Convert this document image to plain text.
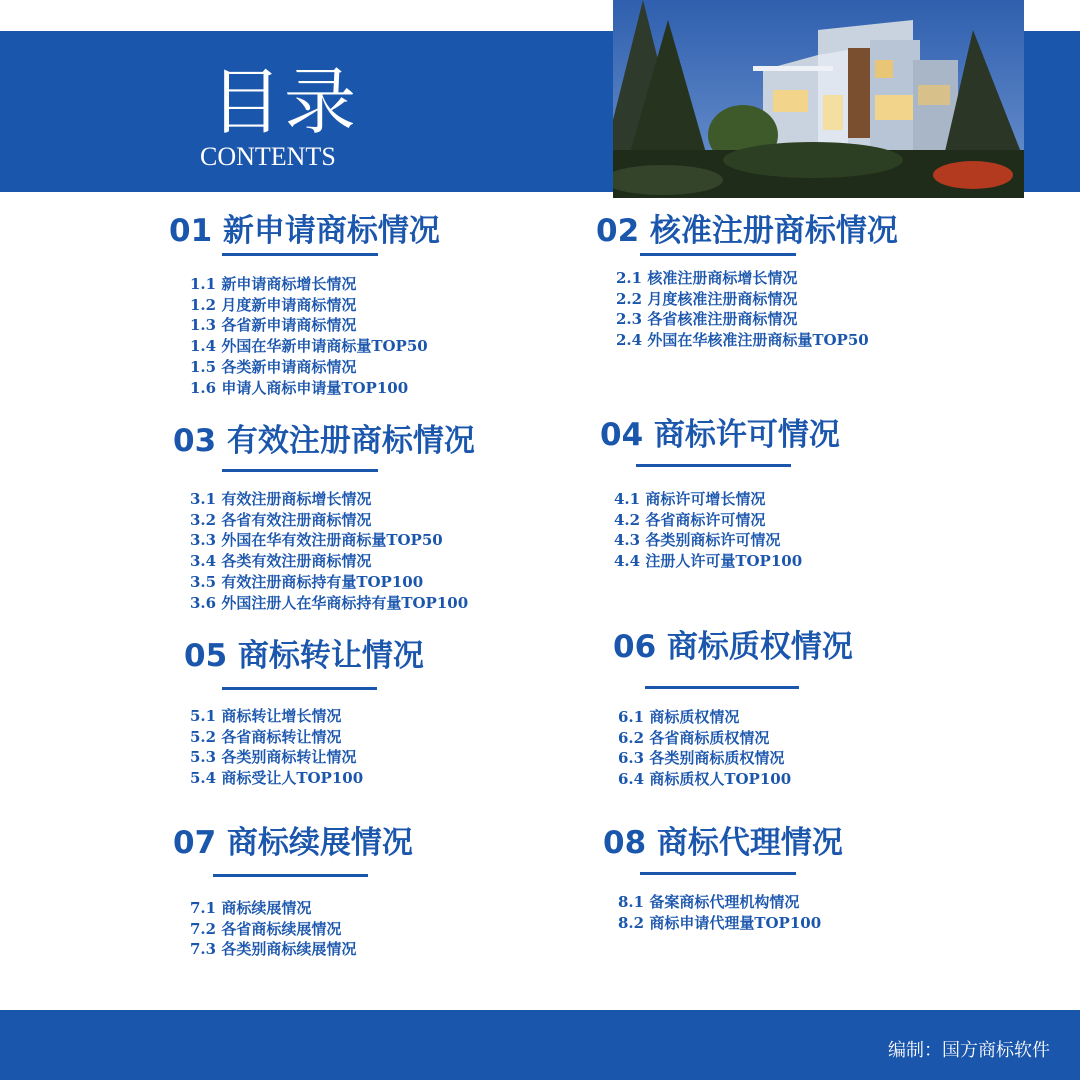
目录
CONTENTS
01 新申请商标情况
1.1 新申请商标增长情况
1.2 月度新申请商标情况
1.3 各省新申请商标情况
1.4 外国在华新申请商标量TOP50
1.5 各类新申请商标情况
1.6 申请人商标申请量TOP100
02 核准注册商标情况
2.1 核准注册商标增长情况
2.2 月度核准注册商标情况
2.3 各省核准注册商标情况
2.4 外国在华核准注册商标量TOP50
03 有效注册商标情况
3.1 有效注册商标增长情况
3.2 各省有效注册商标情况
3.3 外国在华有效注册商标量TOP50
3.4 各类有效注册商标情况
3.5 有效注册商标持有量TOP100
3.6 外国注册人在华商标持有量TOP100
04 商标许可情况
4.1 商标许可增长情况
4.2 各省商标许可情况
4.3 各类别商标许可情况
4.4 注册人许可量TOP100
05 商标转让情况
5.1 商标转让增长情况
5.2 各省商标转让情况
5.3 各类别商标转让情况
5.4 商标受让人TOP100
06 商标质权情况
6.1 商标质权情况
6.2 各省商标质权情况
6.3 各类别商标质权情况
6.4 商标质权人TOP100
07 商标续展情况
7.1 商标续展情况
7.2 各省商标续展情况
7.3 各类别商标续展情况
08 商标代理情况
8.1 备案商标代理机构情况
8.2 商标申请代理量TOP100
编制：国方商标软件
